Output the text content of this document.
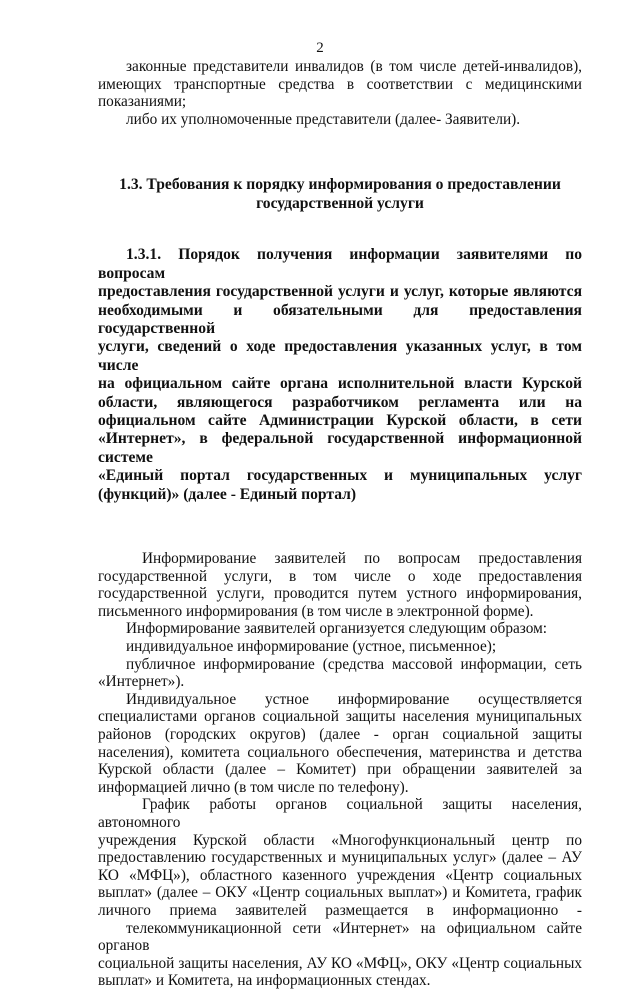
2

законные представители инвалидов (в том числе детей-инвалидов),

имеющих транспортные средства в соответствии с медицинскими

показаниями;

либо их уполномоченные представители (далее- Заявители).

1.3. Требования к порядку информирования о предоставлении
государственной услуги

1.3.1. Порядок получения информации заявителями по вопросам

предоставления государственной услуги и услуг, которые являются

необходимыми и обязательными для предоставления государственной

услуги, сведений о ходе предоставления указанных услуг, в том числе

на официальном сайте органа исполнительной власти Курской

области, являющегося разработчиком регламента или на

официальном сайте Администрации Курской области, в сети

«Интернет», в федеральной государственной информационной системе

«Единый портал государственных и муниципальных услуг

(функций)» (далее - Единый портал)

Информирование заявителей по вопросам предоставления

государственной услуги, в том числе о ходе предоставления

государственной услуги, проводится путем устного информирования,

письменного информирования (в том числе в электронной форме).

Информирование заявителей организуется следующим образом:

индивидуальное информирование (устное, письменное);

публичное информирование (средства массовой информации, сеть

«Интернет»).

Индивидуальное устное информирование осуществляется

специалистами органов социальной защиты населения муниципальных

районов (городских округов) (далее - орган социальной защиты

населения), комитета социального обеспечения, материнства и детства

Курской области (далее – Комитет) при обращении заявителей за

информацией лично (в том числе по телефону).

График работы органов социальной защиты населения, автономного

учреждения Курской области «Многофункциональный центр по

предоставлению государственных и муниципальных услуг» (далее – АУ

КО «МФЦ»), областного казенного учреждения «Центр социальных

выплат» (далее – ОКУ «Центр социальных выплат») и Комитета, график

личного приема заявителей размещается в информационно -

телекоммуникационной сети «Интернет» на официальном сайте органов

социальной защиты населения, АУ КО «МФЦ», ОКУ «Центр социальных

выплат» и Комитета, на информационных стендах.
